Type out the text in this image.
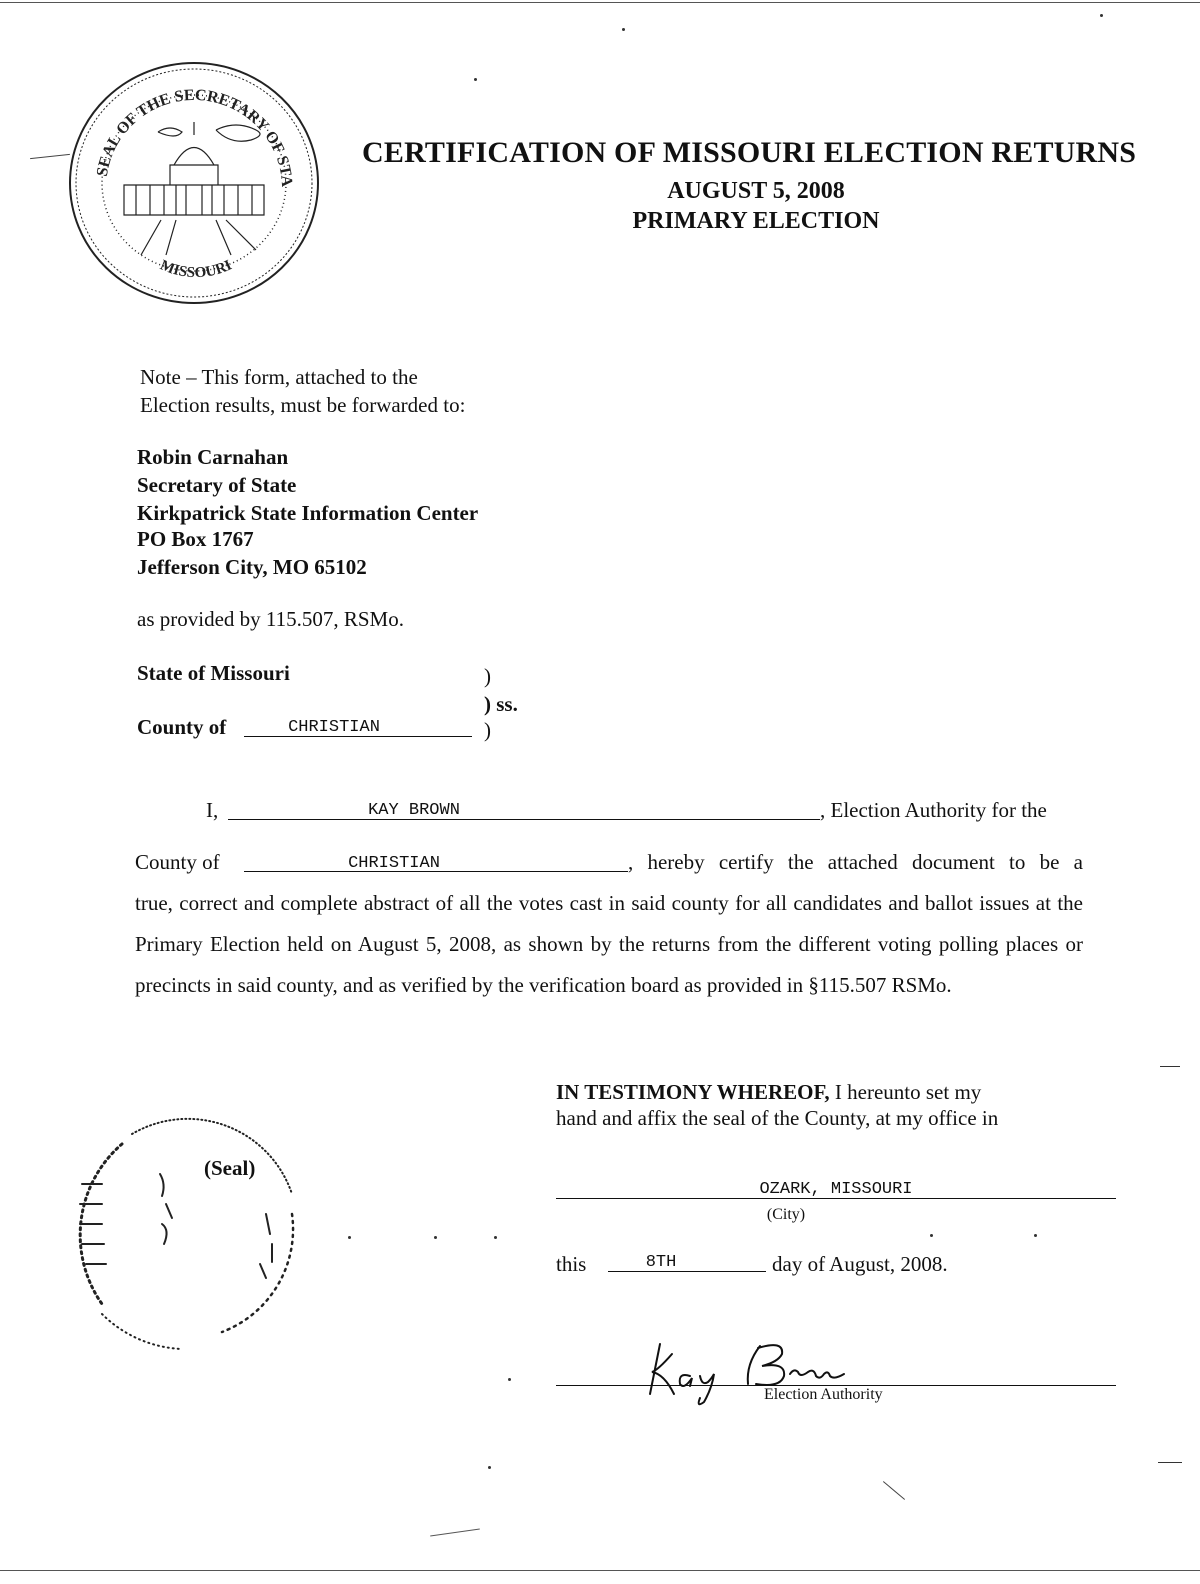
SEAL OF THE SECRETARY OF STA
MISSOURI
CERTIFICATION OF MISSOURI ELECTION RETURNS
AUGUST 5, 2008
PRIMARY ELECTION
Note – This form, attached to the
Election results, must be forwarded to:
Robin Carnahan
Secretary of State
Kirkpatrick State Information Center
PO Box 1767
Jefferson City, MO 65102
as provided by 115.507, RSMo.
State of Missouri
County of	CHRISTIAN
)
) ss.
)
I,	KAY BROWN	, Election Authority for the
County of	CHRISTIAN	, hereby certify the attached document to be a
true, correct and complete abstract of all the votes cast in said county for all candidates and ballot issues at the Primary Election held on August 5, 2008, as shown by the returns from the different voting polling places or precincts in said county, and as verified by the verification board as provided in §115.507 RSMo.
IN TESTIMONY WHEREOF, I hereunto set my
hand and affix the seal of the County, at my office in
OZARK, MISSOURI
(City)
this	8TH	day of August, 2008.
Election Authority
(Seal)
